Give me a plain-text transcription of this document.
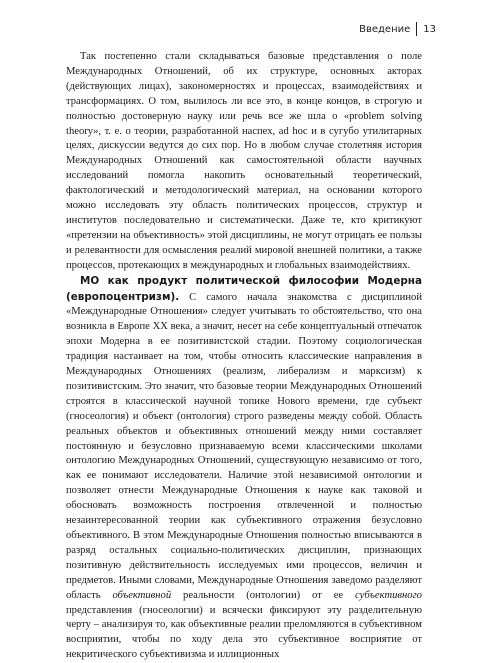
Введение 13

Так постепенно стали складываться базовые представления о поле Международных Отношений, об их структуре, основных акторах (действующих лицах), закономерностях и процессах, взаимодействиях и трансформациях. О том, вылилось ли все это, в конце концов, в строгую и полностью достоверную науку или речь все же шла о «problem solving theory», т. е. о теории, разработанной наспех, ad hoc и в сугубо утилитарных целях, дискуссии ведутся до сих пор. Но в любом случае столетняя история Международных Отношений как самостоятельной области научных исследований помогла накопить основательный теоретический, фактологический и методологический материал, на основании которого можно исследовать эту область политических процессов, структур и институтов последовательно и систематически. Даже те, кто критикуют «претензии на объективность» этой дисциплины, не могут отрицать ее пользы и релевантности для осмысления реалий мировой внешней политики, а также процессов, протекающих в международных и глобальных взаимодействиях.

МО как продукт политической философии Модерна (европоцентризм). С самого начала знакомства с дисциплиной «Международные Отношения» следует учитывать то обстоятельство, что она возникла в Европе XX века, а значит, несет на себе концептуальный отпечаток эпохи Модерна в ее позитивистской стадии. Поэтому социологическая традиция настаивает на том, чтобы относить классические направления в Международных Отношениях (реализм, либерализм и марксизм) к позитивистским. Это значит, что базовые теории Международных Отношений строятся в классической научной топике Нового времени, где субъект (гносеология) и объект (онтология) строго разведены между собой. Область реальных объектов и объективных отношений между ними составляет постоянную и безусловно признаваемую всеми классическими школами онтологию Международных Отношений, существующую независимо от того, как ее понимают исследователи. Наличие этой независимой онтологии и позволяет отнести Международные Отношения к науке как таковой и обосновать возможность построения отвлеченной и полностью незаинтересованной теории как субъективного отражения безусловно объективного. В этом Международные Отношения полностью вписываются в разряд остальных социально-политических дисциплин, признающих позитивную действительность исследуемых ими процессов, величин и предметов. Иными словами, Международные Отношения заведомо разделяют область объективной реальности (онтологии) от ее субъективного представления (гносеологии) и всячески фиксируют эту разделительную черту – анализируя то, как объективные реалии преломляются в субъективном восприятии, чтобы по ходу дела это субъективное восприятие от некритического субъективизма и иллиционных
